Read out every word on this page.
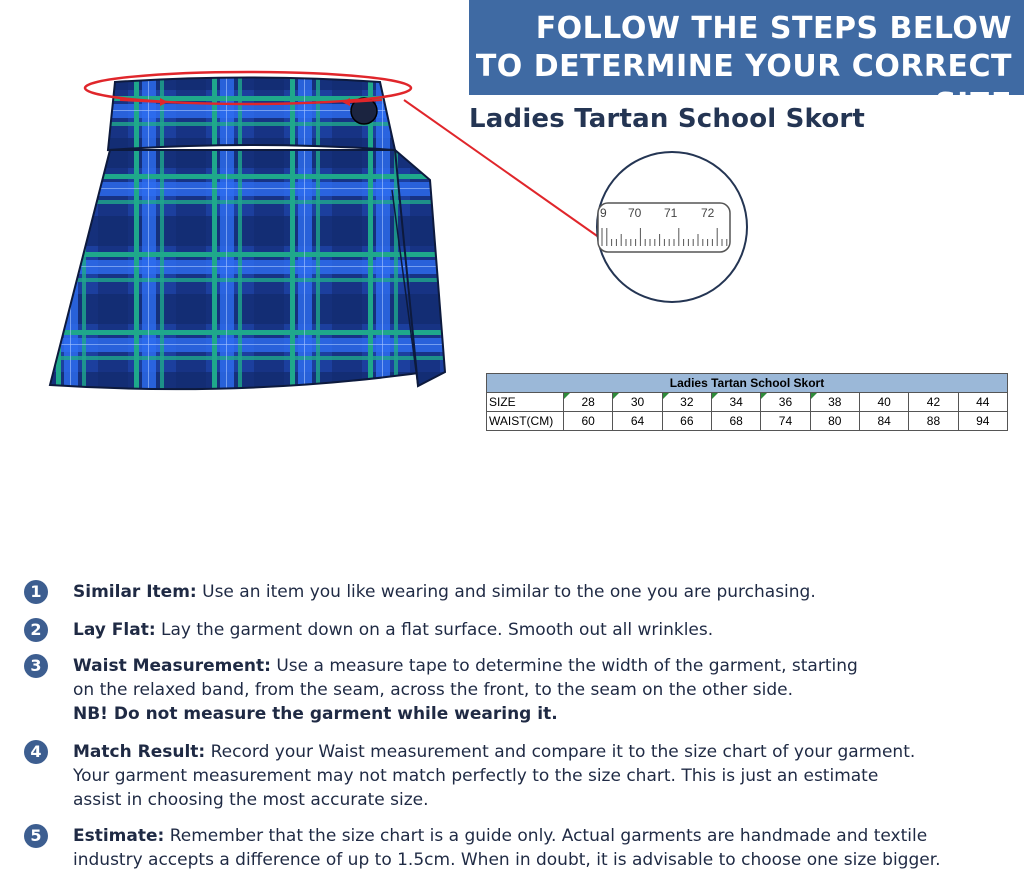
FOLLOW THE STEPS BELOW
TO DETERMINE YOUR CORRECT SIZE
Ladies Tartan School Skort
9 70 71 72
Ladies Tartan School Skort									
SIZE	28	30	32	34	36	38	40	42	44
WAIST(CM)	60	64	66	68	74	80	84	88	94
1	Similar Item: Use an item you like wearing and similar to the one you are purchasing.
2	Lay Flat: Lay the garment down on a flat surface. Smooth out all wrinkles.
3	Waist Measurement: Use a measure tape to determine the width of the garment, starting
on the relaxed band, from the seam, across the front, to the seam on the other side.
NB! Do not measure the garment while wearing it.
4	Match Result: Record your Waist measurement and compare it to the size chart of your garment.
Your garment measurement may not match perfectly to the size chart. This is just an estimate
assist in choosing the most accurate size.
5	Estimate: Remember that the size chart is a guide only. Actual garments are handmade and textile
industry accepts a difference of up to 1.5cm. When in doubt, it is advisable to choose one size bigger.
